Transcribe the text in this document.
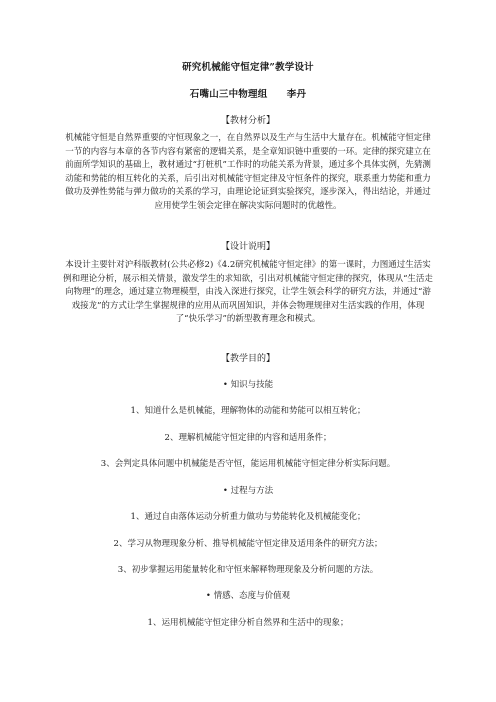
研究机械能守恒定律”教学设计
石嘴山三中物理组　　李丹
【教材分析】
机械能守恒是自然界重要的守恒现象之一，在自然界以及生产与生活中大量存在。机械能守恒定律一节的内容与本章的各节内容有紧密的逻辑关系，是全章知识链中重要的一环。定律的探究建立在前面所学知识的基础上，教材通过“打桩机”工作时的功能关系为背景，通过多个具体实例，先猜测动能和势能的相互转化的关系，后引出对机械能守恒定律及守恒条件的探究，联系重力势能和重力做功及弹性势能与弹力做功的关系的学习，由理论论证到实验探究，逐步深入，得出结论，并通过应用使学生领会定律在解决实际问题时的优越性。
【设计说明】
本设计主要针对沪科版教材(公共必修2)《4.2研究机械能守恒定律》的第一课时，力图通过生活实例和理论分析，展示相关情景，激发学生的求知欲，引出对机械能守恒定律的探究，体现从“生活走向物理”的理念，通过建立物理模型，由浅入深进行探究，让学生领会科学的研究方法，并通过“游戏接龙”的方式让学生掌握规律的应用从而巩固知识，并体会物理规律对生活实践的作用，体现了“快乐学习”的新型教育理念和模式。
【教学目的】
• 知识与技能
1、知道什么是机械能，理解物体的动能和势能可以相互转化；
2、理解机械能守恒定律的内容和适用条件；
3、会判定具体问题中机械能是否守恒，能运用机械能守恒定律分析实际问题。
• 过程与方法
1、通过自由落体运动分析重力做功与势能转化及机械能变化；
2、学习从物理现象分析、推导机械能守恒定律及适用条件的研究方法；
3、初步掌握运用能量转化和守恒来解释物理现象及分析问题的方法。
• 情感、态度与价值观
1、运用机械能守恒定律分析自然界和生活中的现象；
